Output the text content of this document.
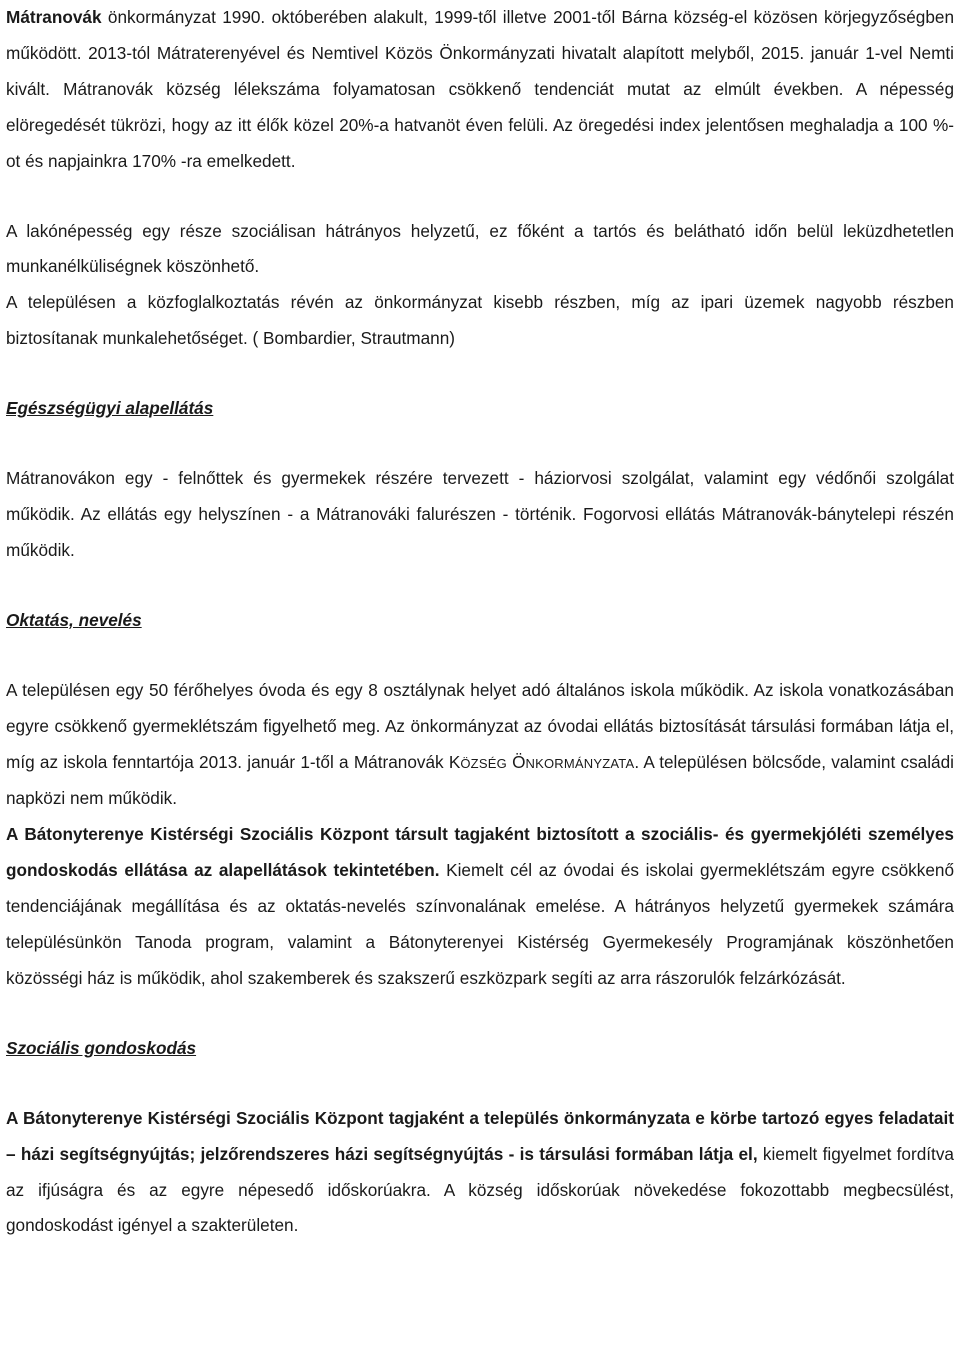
Mátranovák önkormányzat 1990. októberében alakult, 1999-től illetve 2001-től Bárna község-el közösen körjegyzőségben működött. 2013-tól Mátraterenyével és Nemtivel Közös Önkormányzati hivatalt alapított melyből, 2015. január 1-vel Nemti kivált. Mátranovák község lélekszáma folyamatosan csökkenő tendenciát mutat az elmúlt években. A népesség elöregedését tükrözi, hogy az itt élők közel 20%-a hatvanöt éven felüli. Az öregedési index jelentősen meghaladja a 100 %-ot és napjainkra 170% -ra emelkedett.

A lakónépesség egy része szociálisan hátrányos helyzetű, ez főként a tartós és belátható időn belül leküzdhetetlen munkanélküliségnek köszönhető.

A településen a közfoglalkoztatás révén az önkormányzat kisebb részben, míg az ipari üzemek nagyobb részben biztosítanak munkalehetőséget. ( Bombardier, Strautmann)

Egészségügyi alapellátás

Mátranovákon egy - felnőttek és gyermekek részére tervezett - háziorvosi szolgálat, valamint egy védőnői szolgálat működik. Az ellátás egy helyszínen - a Mátranováki falurészen - történik. Fogorvosi ellátás Mátranovák-bánytelepi részén működik.

Oktatás, nevelés

A településen egy 50 férőhelyes óvoda és egy 8 osztálynak helyet adó általános iskola működik. Az iskola vonatkozásában egyre csökkenő gyermeklétszám figyelhető meg. Az önkormányzat az óvodai ellátás biztosítását társulási formában látja el, míg az iskola fenntartója 2013. január 1-től a Mátranovák KÖZSÉG ÖNKORMÁNYZATA. A településen bölcsőde, valamint családi napközi nem működik.

A Bátonyterenye Kistérségi Szociális Központ társult tagjaként biztosított a szociális- és gyermekjóléti személyes gondoskodás ellátása az alapellátások tekintetében. Kiemelt cél az óvodai és iskolai gyermeklétszám egyre csökkenő tendenciájának megállítása és az oktatás-nevelés színvonalának emelése. A hátrányos helyzetű gyermekek számára településünkön Tanoda program, valamint a Bátonyterenyei Kistérség Gyermekesély Programjának köszönhetően közösségi ház is működik, ahol szakemberek és szakszerű eszközpark segíti az arra rászorulók felzárkózását.

Szociális gondoskodás

A Bátonyterenye Kistérségi Szociális Központ tagjaként a település önkormányzata e körbe tartozó egyes feladatait – házi segítségnyújtás; jelzőrendszeres házi segítségnyújtás - is társulási formában látja el, kiemelt figyelmet fordítva az ifjúságra és az egyre népesedő időskorúakra. A község időskorúak növekedése fokozottabb megbecsülést, gondoskodást igényel a szakterületen.
